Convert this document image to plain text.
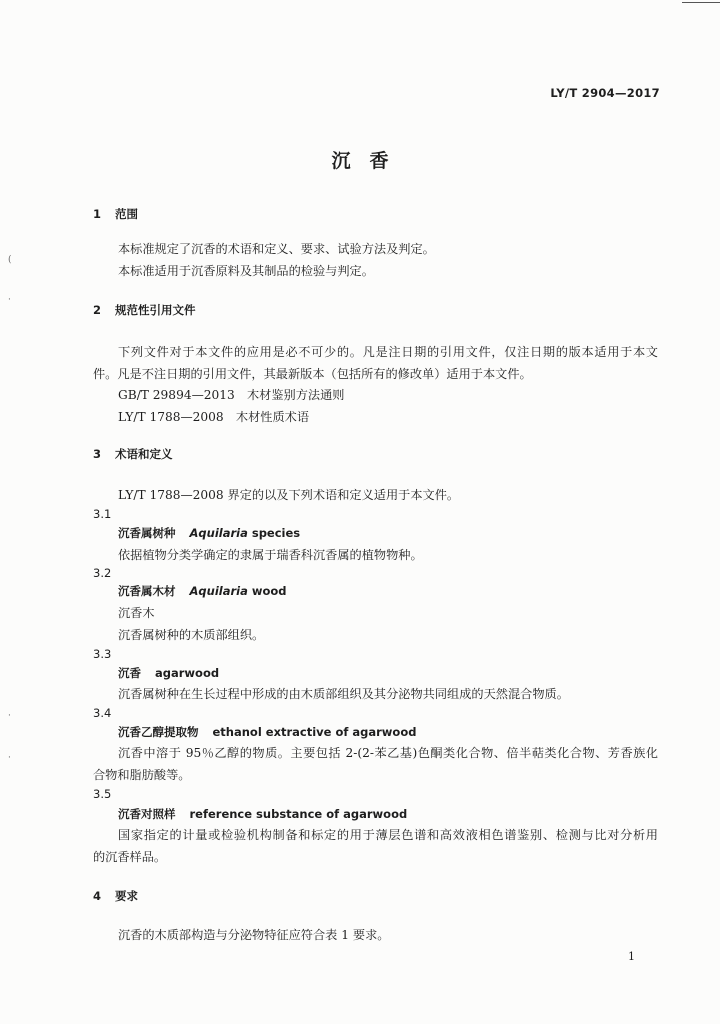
(
·
·
·
LY/T 2904—2017
沉　香
1 范围
本标准规定了沉香的术语和定义、要求、试验方法及判定。
本标准适用于沉香原料及其制品的检验与判定。
2 规范性引用文件
下列文件对于本文件的应用是必不可少的。凡是注日期的引用文件，仅注日期的版本适用于本文
件。凡是不注日期的引用文件，其最新版本（包括所有的修改单）适用于本文件。
GB/T 29894—2013　木材鉴别方法通则
LY/T 1788—2008　木材性质术语
3 术语和定义
LY/T 1788—2008 界定的以及下列术语和定义适用于本文件。
3.1
沉香属树种 Aquilaria species
依据植物分类学确定的隶属于瑞香科沉香属的植物物种。
3.2
沉香属木材 Aquilaria wood
沉香木
沉香属树种的木质部组织。
3.3
沉香 agarwood
沉香属树种在生长过程中形成的由木质部组织及其分泌物共同组成的天然混合物质。
3.4
沉香乙醇提取物 ethanol extractive of agarwood
沉香中溶于 95％乙醇的物质。主要包括 2-(2-苯乙基)色酮类化合物、倍半萜类化合物、芳香族化
合物和脂肪酸等。
3.5
沉香对照样 reference substance of agarwood
国家指定的计量或检验机构制备和标定的用于薄层色谱和高效液相色谱鉴别、检测与比对分析用
的沉香样品。
4 要求
沉香的木质部构造与分泌物特征应符合表 1 要求。
1
